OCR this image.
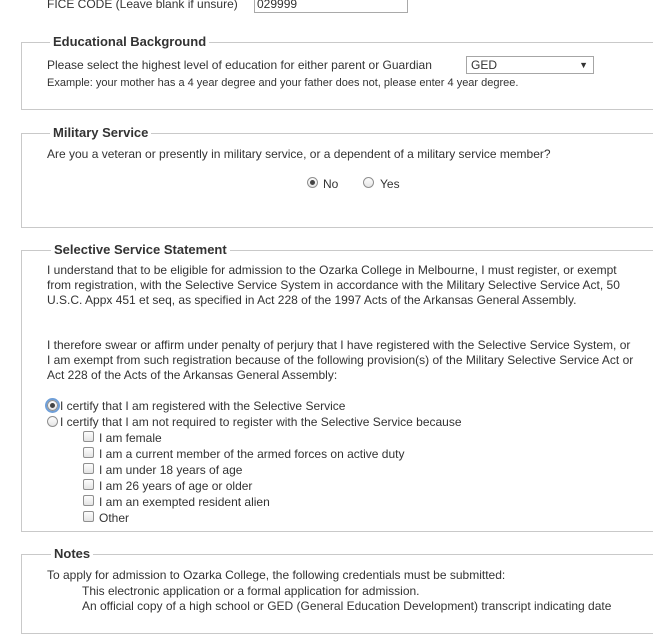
FICE CODE (Leave blank if unsure) 029999
Educational Background
Please select the highest level of education for either parent or Guardian	GED	▼
Example: your mother has a 4 year degree and your father does not, please enter 4 year degree.
Military Service
Are you a veteran or presently in military service, or a dependent of a military service member?
No	Yes
Selective Service Statement
I understand that to be eligible for admission to the Ozarka College in Melbourne, I must register, or exempt from registration, with the Selective Service System in accordance with the Military Selective Service Act, 50 U.S.C. Appx 451 et seq, as specified in Act 228 of the 1997 Acts of the Arkansas General Assembly.
I therefore swear or affirm under penalty of perjury that I have registered with the Selective Service System, or I am exempt from such registration because of the following provision(s) of the Military Selective Service Act or Act 228 of the Acts of the Arkansas General Assembly:
I certify that I am registered with the Selective Service
I certify that I am not required to register with the Selective Service because
I am female
I am a current member of the armed forces on active duty
I am under 18 years of age
I am 26 years of age or older
I am an exempted resident alien
Other
Notes
To apply for admission to Ozarka College, the following credentials must be submitted:
This electronic application or a formal application for admission.
An official copy of a high school or GED (General Education Development) transcript indicating date
